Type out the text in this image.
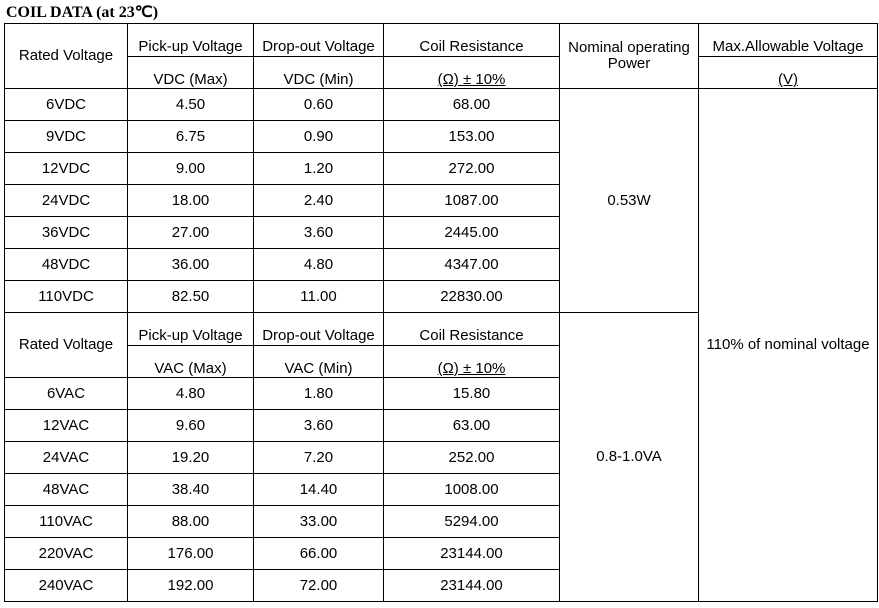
COIL DATA (at 23℃)
Rated Voltage	Pick-up Voltage	Drop-out Voltage	Coil Resistance	Nominal operating Power	Max.Allowable Voltage
	VDC (Max)	VDC (Min)	(Ω) ± 10%		(V)
6VDC	4.50	0.60	68.00	0.53W	110% of nominal voltage
9VDC	6.75	0.90	153.00		
12VDC	9.00	1.20	272.00		
24VDC	18.00	2.40	1087.00		
36VDC	27.00	3.60	2445.00		
48VDC	36.00	4.80	4347.00		
110VDC	82.50	11.00	22830.00		
Rated Voltage	Pick-up Voltage	Drop-out Voltage	Coil Resistance	0.8-1.0VA	
	VAC (Max)	VAC (Min)	(Ω) ± 10%		
6VAC	4.80	1.80	15.80		
12VAC	9.60	3.60	63.00		
24VAC	19.20	7.20	252.00		
48VAC	38.40	14.40	1008.00		
110VAC	88.00	33.00	5294.00		
220VAC	176.00	66.00	23144.00		
240VAC	192.00	72.00	23144.00		
